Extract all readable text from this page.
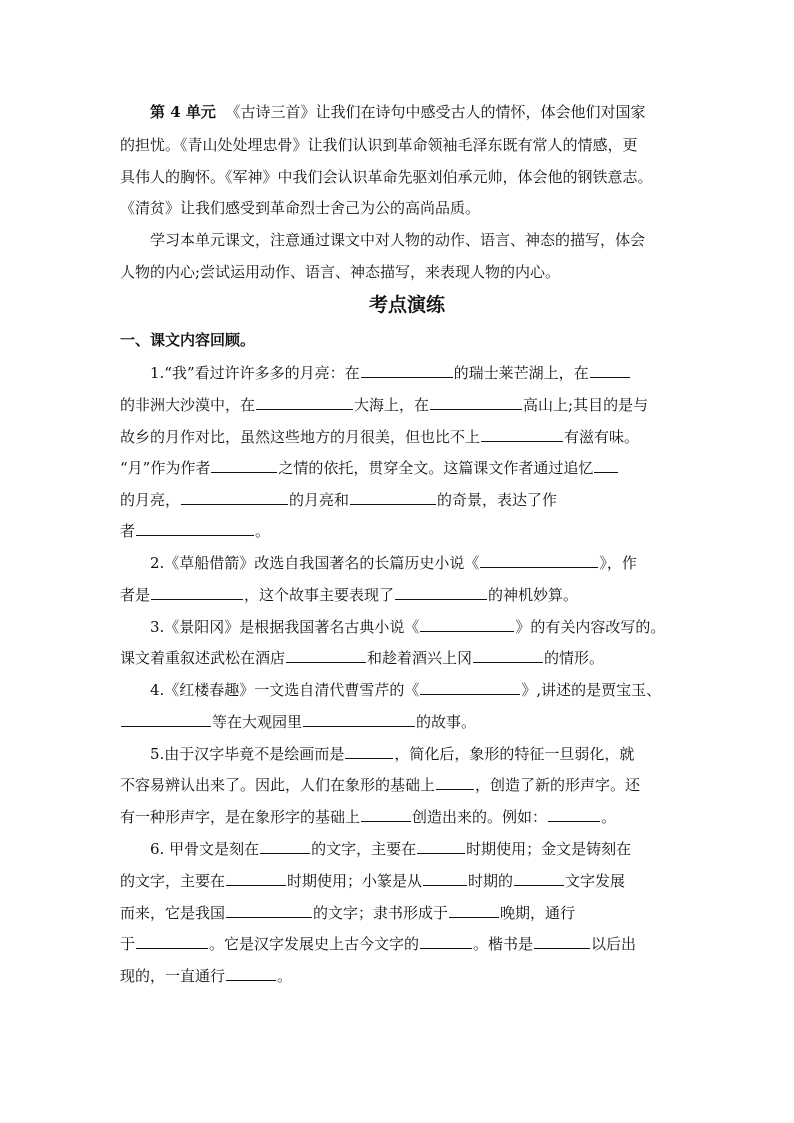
第 4 单元 《古诗三首》让我们在诗句中感受古人的情怀，体会他们对国家
的担忧。《青山处处埋忠骨》让我们认识到革命领袖毛泽东既有常人的情感，更
具伟人的胸怀。《军神》中我们会认识革命先驱刘伯承元帅，体会他的钢铁意志。
《清贫》让我们感受到革命烈士舍己为公的高尚品质。
学习本单元课文，注意通过课文中对人物的动作、语言、神态的描写，体会
人物的内心;尝试运用动作、语言、神态描写，来表现人物的内心。
考点演练
一、课文内容回顾。
1.“我”看过许许多多的月亮：在	的瑞士莱芒湖上，在
的非洲大沙漠中，在	大海上，在	高山上;其目的是与
故乡的月作对比，虽然这些地方的月很美，但也比不上	有滋有味。
“月”作为作者	之情的依托，贯穿全文。这篇课文作者通过追忆
的月亮，	的月亮和	的奇景，表达了作
者	。
2.《草船借箭》改选自我国著名的长篇历史小说《	》，作
者是	，这个故事主要表现了	的神机妙算。
3.《景阳冈》是根据我国著名古典小说《	》的有关内容改写的。
课文着重叙述武松在酒店	和趁着酒兴上冈	的情形。
4.《红楼春趣》一文选自清代曹雪芹的《	》,讲述的是贾宝玉、
等在大观园里	的故事。
5.由于汉字毕竟不是绘画而是	，简化后，象形的特征一旦弱化，就
不容易辨认出来了。因此，人们在象形的基础上	，创造了新的形声字。还
有一种形声字，是在象形字的基础上	创造出来的。例如：	。
6. 甲骨文是刻在	的文字，主要在	时期使用；金文是铸刻在
的文字，主要在	时期使用；小篆是从	时期的	文字发展
而来，它是我国	的文字；隶书形成于	晚期，通行
于	。它是汉字发展史上古今文字的	。楷书是	以后出
现的，一直通行	。
